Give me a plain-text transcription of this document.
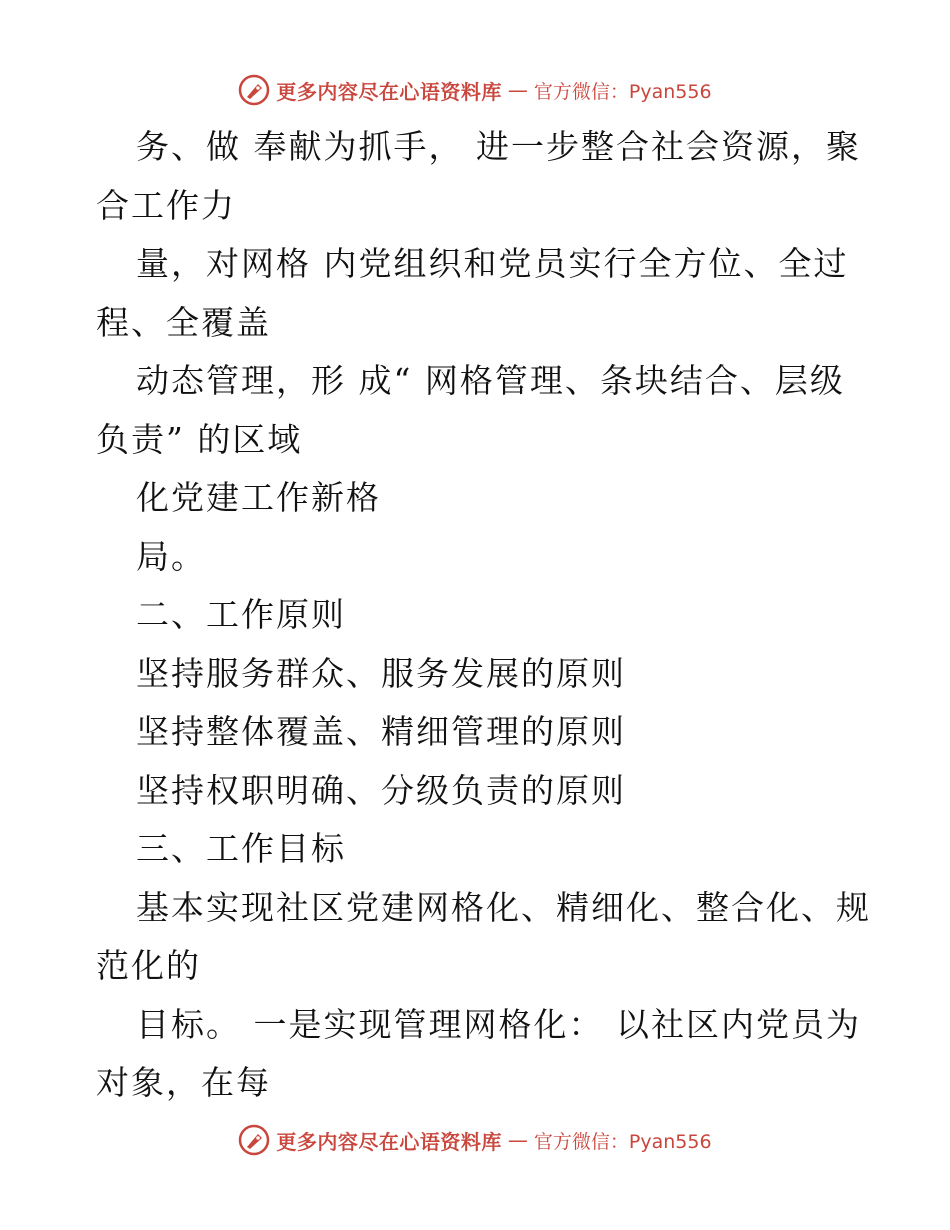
更多内容尽在心语资料库 — 官方微信：Pyan556
务、做 奉献为抓手， 进一步整合社会资源，聚
合工作力
量，对网格 内党组织和党员实行全方位、全过
程、全覆盖
动态管理，形 成“ 网格管理、条块结合、层级
负责” 的区域
化党建工作新格
局。
二、工作原则
坚持服务群众、服务发展的原则
坚持整体覆盖、精细管理的原则
坚持权职明确、分级负责的原则
三、工作目标
基本实现社区党建网格化、精细化、整合化、规
范化的
目标。 一是实现管理网格化： 以社区内党员为
对象，在每
更多内容尽在心语资料库 — 官方微信：Pyan556
